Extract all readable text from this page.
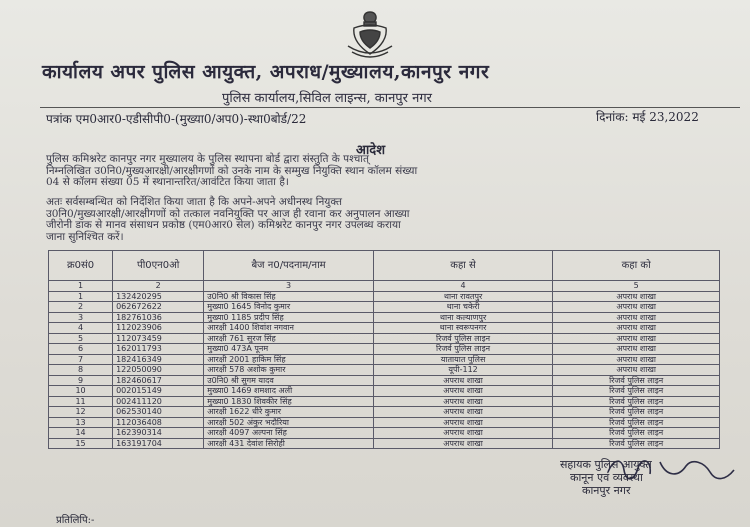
कार्यालय अपर पुलिस आयुक्त, अपराध/मुख्यालय,कानपुर नगर
पुलिस कार्यालय,सिविल लाइन्स, कानपुर नगर
पत्रांक एम0आर0-एडीसीपी0-(मुख्या0/अप0)-स्था0बोर्ड/22	दिनांक: मई 23,2022
आदेश
पुलिस कमिश्नरेट कानपुर नगर मुख्यालय के पुलिस स्थापना बोर्ड द्वारा संस्तुति के पश्चात्
निम्नलिखित उ0नि0/मुख्यआरक्षी/आरक्षीगणों को उनके नाम के सम्मुख नियुक्ति स्थान कॉलम संख्या
04 से कॉलम संख्या 05 में स्थानान्तरित/आवंटित किया जाता है।
अतः सर्वसम्बन्धित को निर्देशित किया जाता है कि अपने-अपने अधीनस्थ नियुक्त
उ0नि0/मुख्यआरक्षी/आरक्षीगणों को तत्काल नवनियुक्ति पर आज ही रवाना कर अनुपालन आख्या
जीरोनी डाक से मानव संसाधन प्रकोष्ठ (एम0आर0 सेल) कमिश्नरेट कानपुर नगर उपलब्ध कराया
जाना सुनिश्चित करें।
क्र0सं0	पी0एन0ओ	बैज न0/पदनाम/नाम	कहा से	कहा को
1	2	3	4	5
1	132420295	उ0नि0 श्री विकास सिंह	थाना रावतपुर	अपराध शाखा
2	062672622	मुख्या0 1645 विनोद कुमार	थाना चकेरी	अपराध शाखा
3	182761036	मुख्या0 1185 प्रदीप सिंह	थाना कल्याणपुर	अपराध शाखा
4	112023906	आरक्षी 1400 शिवांश नगवान	थाना स्वरूपनगर	अपराध शाखा
5	112073459	आरक्षी 761 सुरज सिंह	रिजर्व पुलिस लाइन	अपराध शाखा
6	162011793	मुख्या0 473A पूनम	रिजर्व पुलिस लाइन	अपराध शाखा
7	182416349	आरक्षी 2001 हाकिम सिंह	यातायात पुलिस	अपराध शाखा
8	122050090	आरक्षी 578 अशोक कुमार	यूपी-112	अपराध शाखा
9	182460617	उ0नि0 श्री सुगम यादव	अपराध शाखा	रिजर्व पुलिस लाइन
10	002015149	मुख्या0 1469 शमशाद अली	अपराध शाखा	रिजर्व पुलिस लाइन
11	002411120	मुख्या0 1830 शिवकीर सिंह	अपराध शाखा	रिजर्व पुलिस लाइन
12	062530140	आरक्षी 1622 धीरे कुमार	अपराध शाखा	रिजर्व पुलिस लाइन
13	112036408	आरक्षी 502 अंकुर भदौरिया	अपराध शाखा	रिजर्व पुलिस लाइन
14	162390314	आरक्षी 4097 अल्पना सिंह	अपराध शाखा	रिजर्व पुलिस लाइन
15	163191704	आरक्षी 431 देवांश सिरोही	अपराध शाखा	रिजर्व पुलिस लाइन
सहायक पुलिस आयुक्त
कानून एवं व्यवस्था
कानपुर नगर
प्रतिलिपि:-
